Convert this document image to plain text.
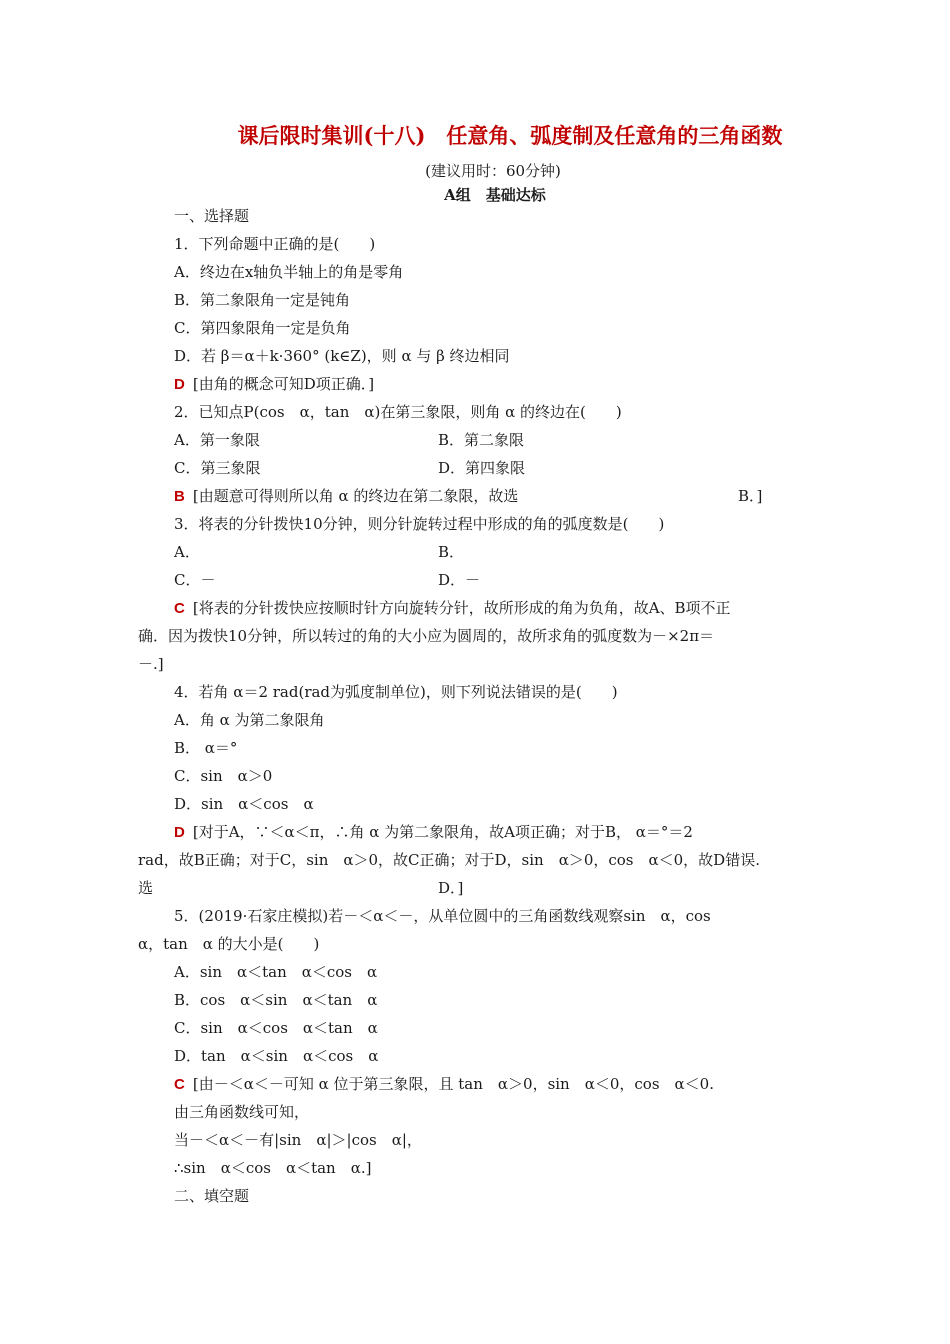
课后限时集训(十八)　任意角、弧度制及任意角的三角函数
(建议用时：60分钟)
A组　基础达标
一、选择题
1．下列命题中正确的是(　　)
A．终边在x轴负半轴上的角是零角
B．第二象限角一定是钝角
C．第四象限角一定是负角
D．若 β＝α＋k·360° (k∈Z)，则 α 与 β 终边相同
D [由角的概念可知D项正确．]
2．已知点P(cos　α，tan　α)在第三象限，则角 α 的终边在(　　)
A．第一象限	B．第二象限
C．第三象限	D．第四象限
B [由题意可得则所以角 α 的终边在第二象限，故选	B．]
3．将表的分针拨快10分钟，则分针旋转过程中形成的角的弧度数是(　　)
A．	B．
C．－	D．－
C [将表的分针拨快应按顺时针方向旋转分针，故所形成的角为负角，故A、B项不正
确．因为拨快10分钟，所以转过的角的大小应为圆周的，故所求角的弧度数为－×2π＝
－.]
4．若角 α＝2 rad(rad为弧度制单位)，则下列说法错误的是(　　)
A．角 α 为第二象限角
B． α＝°
C．sin　α＞0
D．sin　α＜cos　α
D [对于A，∵＜α＜π，∴角 α 为第二象限角，故A项正确；对于B， α＝°＝2
rad，故B正确；对于C，sin　α＞0，故C正确；对于D，sin　α＞0，cos　α＜0，故D错误.
选	D．]
5．(2019·石家庄模拟)若－＜α＜－，从单位圆中的三角函数线观察sin　α，cos
α，tan　α 的大小是(　　)
A．sin　α＜tan　α＜cos　α
B．cos　α＜sin　α＜tan　α
C．sin　α＜cos　α＜tan　α
D．tan　α＜sin　α＜cos　α
C [由－＜α＜－可知 α 位于第三象限，且 tan　α＞0，sin　α＜0，cos　α＜0.
由三角函数线可知，
当－＜α＜－有|sin　α|＞|cos　α|，
∴sin　α＜cos　α＜tan　α.]
二、填空题
